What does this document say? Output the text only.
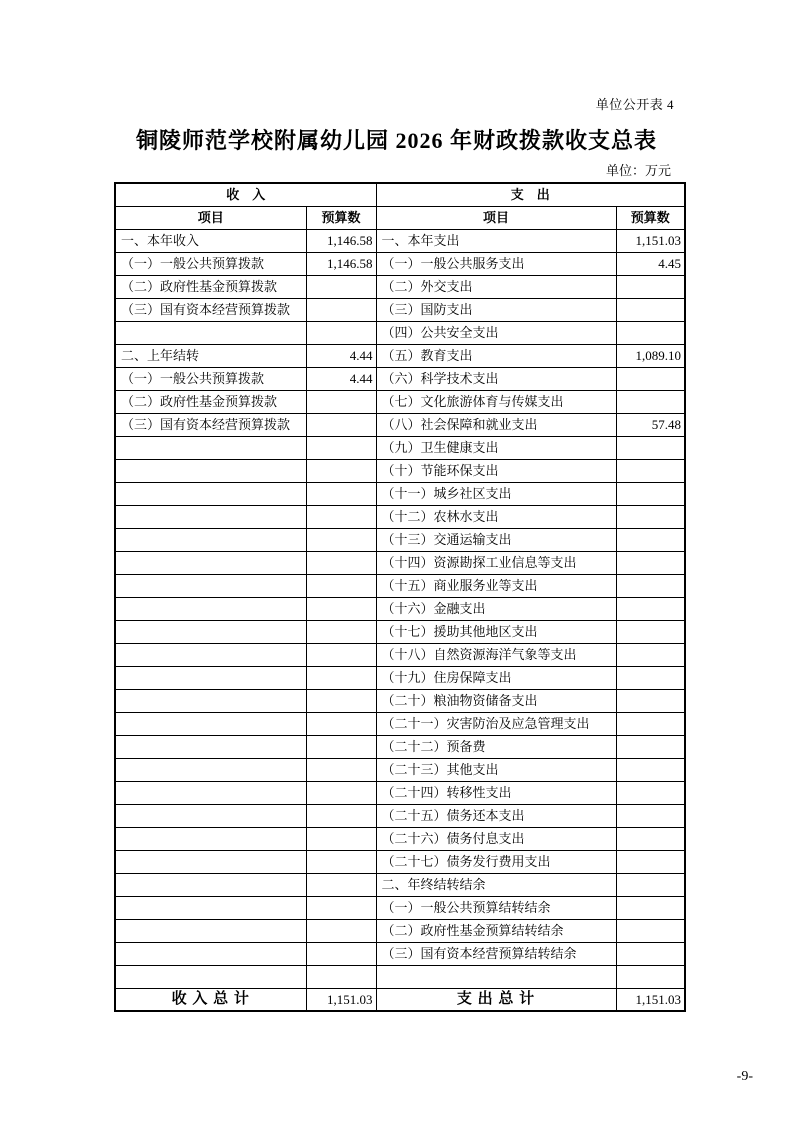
单位公开表 4
铜陵师范学校附属幼儿园 2026 年财政拨款收支总表
单位：万元
收　入		支　出	
项目	预算数	项目	预算数
一、本年收入	1,146.58	一、本年支出	1,151.03
（一）一般公共预算拨款	1,146.58	（一）一般公共服务支出	4.45
（二）政府性基金预算拨款		（二）外交支出	
（三）国有资本经营预算拨款		（三）国防支出	
		（四）公共安全支出	
二、上年结转	4.44	（五）教育支出	1,089.10
（一）一般公共预算拨款	4.44	（六）科学技术支出	
（二）政府性基金预算拨款		（七）文化旅游体育与传媒支出	
（三）国有资本经营预算拨款		（八）社会保障和就业支出	57.48
		（九）卫生健康支出	
		（十）节能环保支出	
		（十一）城乡社区支出	
		（十二）农林水支出	
		（十三）交通运输支出	
		（十四）资源勘探工业信息等支出	
		（十五）商业服务业等支出	
		（十六）金融支出	
		（十七）援助其他地区支出	
		（十八）自然资源海洋气象等支出	
		（十九）住房保障支出	
		（二十）粮油物资储备支出	
		（二十一）灾害防治及应急管理支出	
		（二十二）预备费	
		（二十三）其他支出	
		（二十四）转移性支出	
		（二十五）债务还本支出	
		（二十六）债务付息支出	
		（二十七）债务发行费用支出	
		二、年终结转结余	
		（一）一般公共预算结转结余	
		（二）政府性基金预算结转结余	
		（三）国有资本经营预算结转结余	

收 入 总 计	1,151.03	支 出 总 计	1,151.03
-9-
